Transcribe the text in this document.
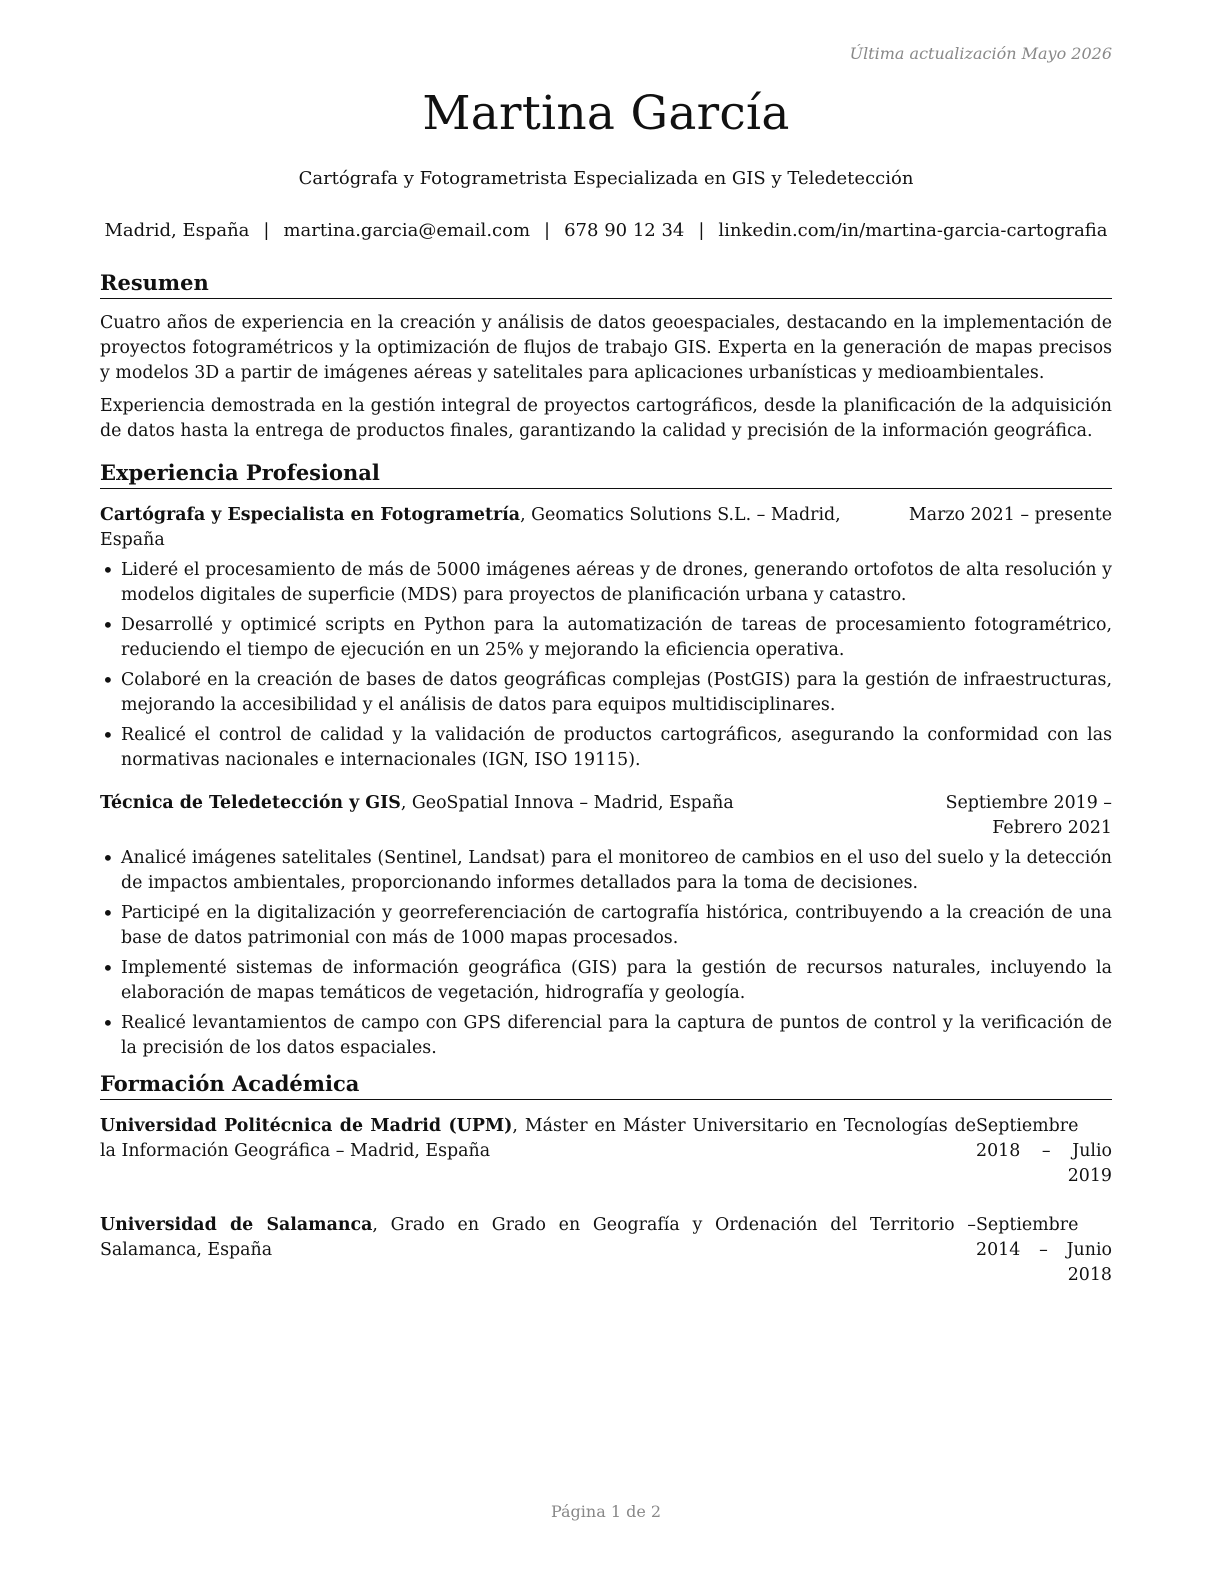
Última actualización Mayo 2026
Martina García
Cartógrafa y Fotogrametrista Especializada en GIS y Teledetección
Madrid, España | martina.garcia@email.com | 678 90 12 34 | linkedin.com/in/martina-garcia-cartografia
Resumen

Cuatro años de experiencia en la creación y análisis de datos geoespaciales, destacando en la implementación de proyectos fotogramétricos y la optimización de flujos de trabajo GIS. Experta en la generación de mapas precisos y modelos 3D a partir de imágenes aéreas y satelitales para aplicaciones urbanísticas y medioambientales.

Experiencia demostrada en la gestión integral de proyectos cartográficos, desde la planificación de la adquisición de datos hasta la entrega de productos finales, garantizando la calidad y precisión de la información geográfica.

Experiencia Profesional
Cartógrafa y Especialista en Fotogrametría, Geomatics Solutions S.L. – Madrid, España
Marzo 2021 – presente
• Lideré el procesamiento de más de 5000 imágenes aéreas y de drones, generando ortofotos de alta resolución y modelos digitales de superficie (MDS) para proyectos de planificación urbana y catastro.
• Desarrollé y optimicé scripts en Python para la automatización de tareas de procesamiento fotogramétrico, reduciendo el tiempo de ejecución en un 25% y mejorando la eficiencia operativa.
• Colaboré en la creación de bases de datos geográficas complejas (PostGIS) para la gestión de infraestructuras, mejorando la accesibilidad y el análisis de datos para equipos multidisciplinares.
• Realicé el control de calidad y la validación de productos cartográficos, asegurando la conformidad con las normativas nacionales e internacionales (IGN, ISO 19115).
Técnica de Teledetección y GIS, GeoSpatial Innova – Madrid, España	Septiembre 2019 – Febrero 2021
• Analicé imágenes satelitales (Sentinel, Landsat) para el monitoreo de cambios en el uso del suelo y la detección de impactos ambientales, proporcionando informes detallados para la toma de decisiones.
• Participé en la digitalización y georreferenciación de cartografía histórica, contribuyendo a la creación de una base de datos patrimonial con más de 1000 mapas procesados.
• Implementé sistemas de información geográfica (GIS) para la gestión de recursos naturales, incluyendo la elaboración de mapas temáticos de vegetación, hidrografía y geología.
• Realicé levantamientos de campo con GPS diferencial para la captura de puntos de control y la verificación de la precisión de los datos espaciales.
Formación Académica
Universidad Politécnica de Madrid (UPM), Máster en Máster Universitario en Tecnologías de la Información Geográfica – Madrid, España
Septiembre 2018 – Julio 2019
Universidad de Salamanca, Grado en Grado en Geografía y Ordenación del Territorio – Salamanca, España
Septiembre 2014 – Junio 2018
Página 1 de 2
